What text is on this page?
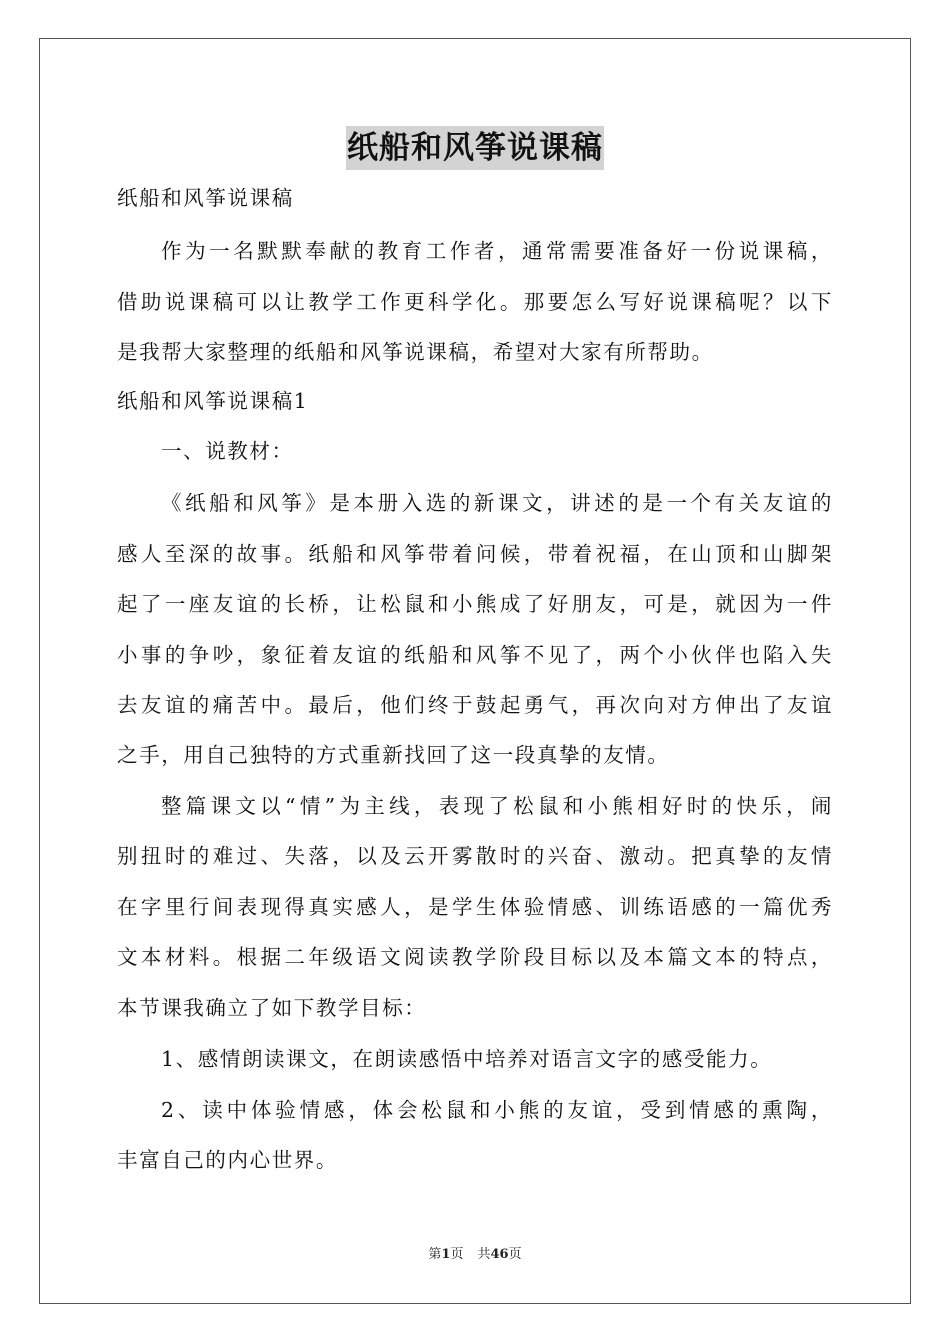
纸船和风筝说课稿
纸船和风筝说课稿
作为一名默默奉献的教育工作者，通常需要准备好一份说课稿，
借助说课稿可以让教学工作更科学化。那要怎么写好说课稿呢？以下
是我帮大家整理的纸船和风筝说课稿，希望对大家有所帮助。
纸船和风筝说课稿1
一、说教材：
《纸船和风筝》是本册入选的新课文，讲述的是一个有关友谊的
感人至深的故事。纸船和风筝带着问候，带着祝福，在山顶和山脚架
起了一座友谊的长桥，让松鼠和小熊成了好朋友，可是，就因为一件
小事的争吵，象征着友谊的纸船和风筝不见了，两个小伙伴也陷入失
去友谊的痛苦中。最后，他们终于鼓起勇气，再次向对方伸出了友谊
之手，用自己独特的方式重新找回了这一段真挚的友情。
整篇课文以“情”为主线，表现了松鼠和小熊相好时的快乐，闹
别扭时的难过、失落，以及云开雾散时的兴奋、激动。把真挚的友情
在字里行间表现得真实感人，是学生体验情感、训练语感的一篇优秀
文本材料。根据二年级语文阅读教学阶段目标以及本篇文本的特点，
本节课我确立了如下教学目标：
1、感情朗读课文，在朗读感悟中培养对语言文字的感受能力。
2、读中体验情感，体会松鼠和小熊的友谊，受到情感的熏陶，
丰富自己的内心世界。
第1页 共46页
